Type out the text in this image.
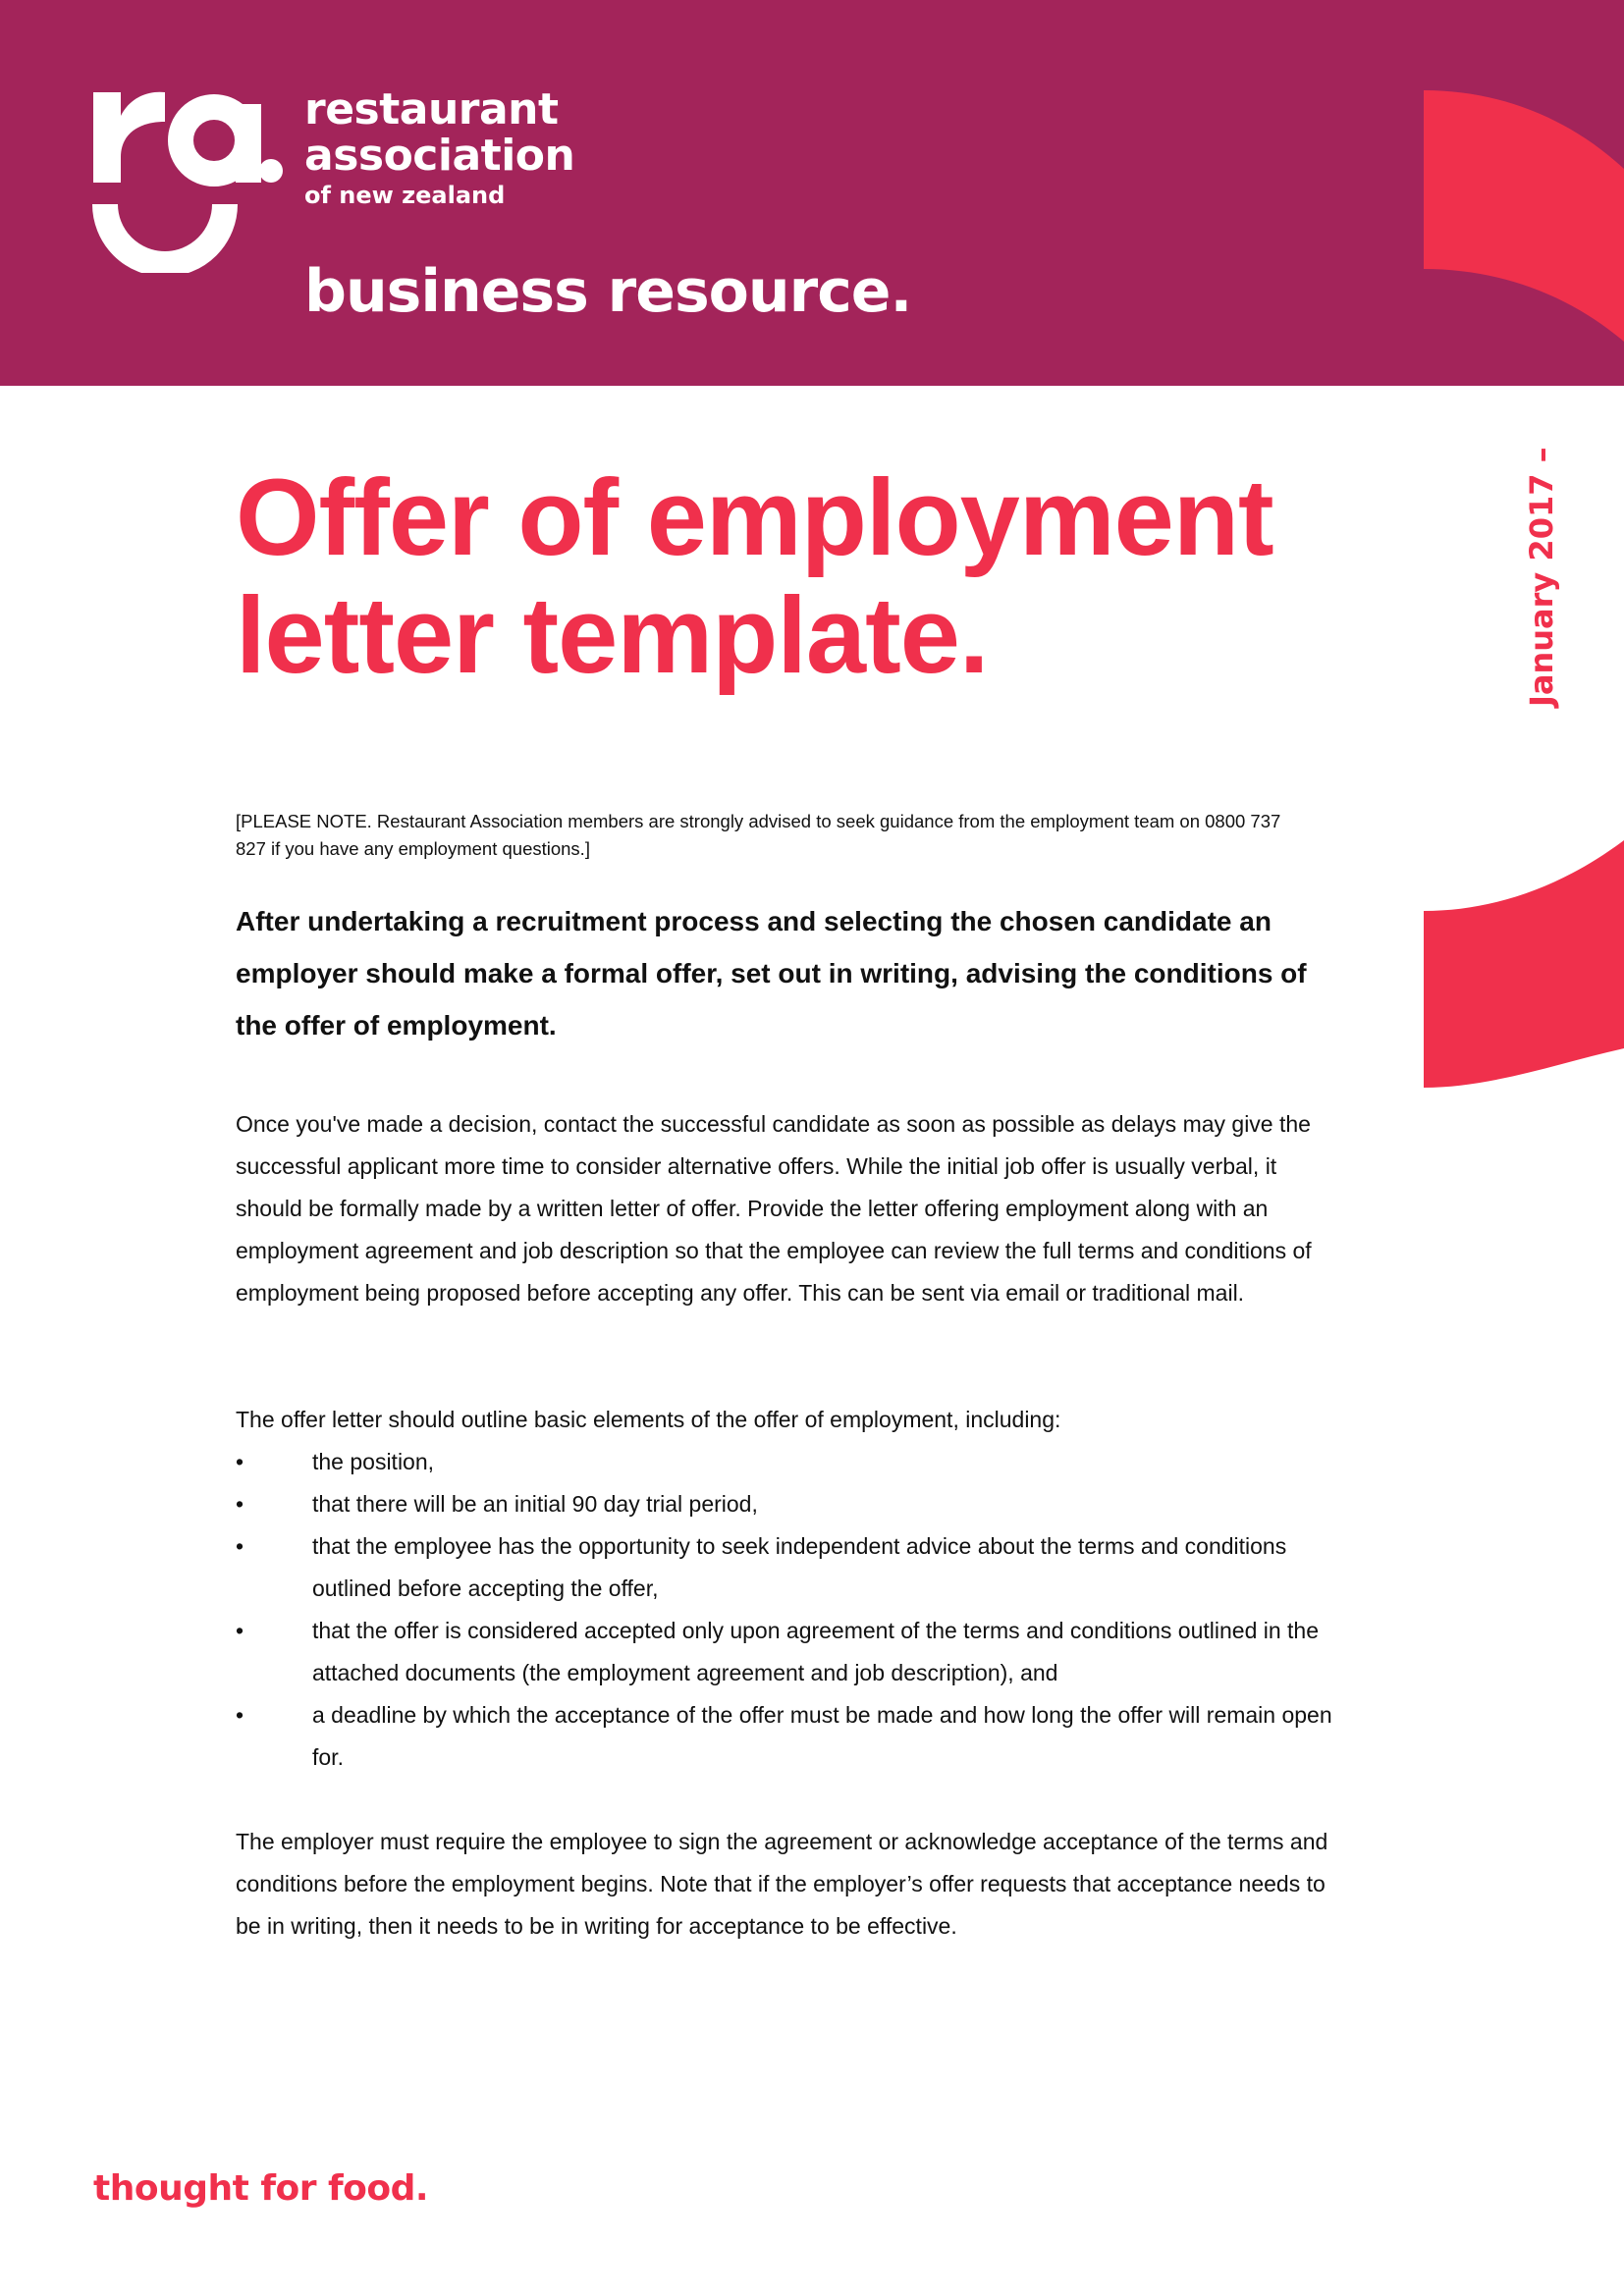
restaurant
association
of new zealand
business resource.
January 2017 –
Offer of employment letter template.

[PLEASE NOTE. Restaurant Association members are strongly advised to seek guidance from the employment team on 0800 737 827 if you have any employment questions.]

After undertaking a recruitment process and selecting the chosen candidate an employer should make a formal offer, set out in writing, advising the conditions of the offer of employment.

Once you've made a decision, contact the successful candidate as soon as possible as delays may give the successful applicant more time to consider alternative offers. While the initial job offer is usually verbal, it should be formally made by a written letter of offer. Provide the letter offering employment along with an employment agreement and job description so that the employee can review the full terms and conditions of employment being proposed before accepting any offer. This can be sent via email or traditional mail.

The offer letter should outline basic elements of the offer of employment, including:

•	the position,
•	that there will be an initial 90 day trial period,
•	that the employee has the opportunity to seek independent advice about the terms and conditions outlined before accepting the offer,
•	that the offer is considered accepted only upon agreement of the terms and conditions outlined in the attached documents (the employment agreement and job description), and
•	a deadline by which the acceptance of the offer must be made and how long the offer will remain open for.

The employer must require the employee to sign the agreement or acknowledge acceptance of the terms and conditions before the employment begins. Note that if the employer’s offer requests that acceptance needs to be in writing, then it needs to be in writing for acceptance to be effective.

thought for food.
